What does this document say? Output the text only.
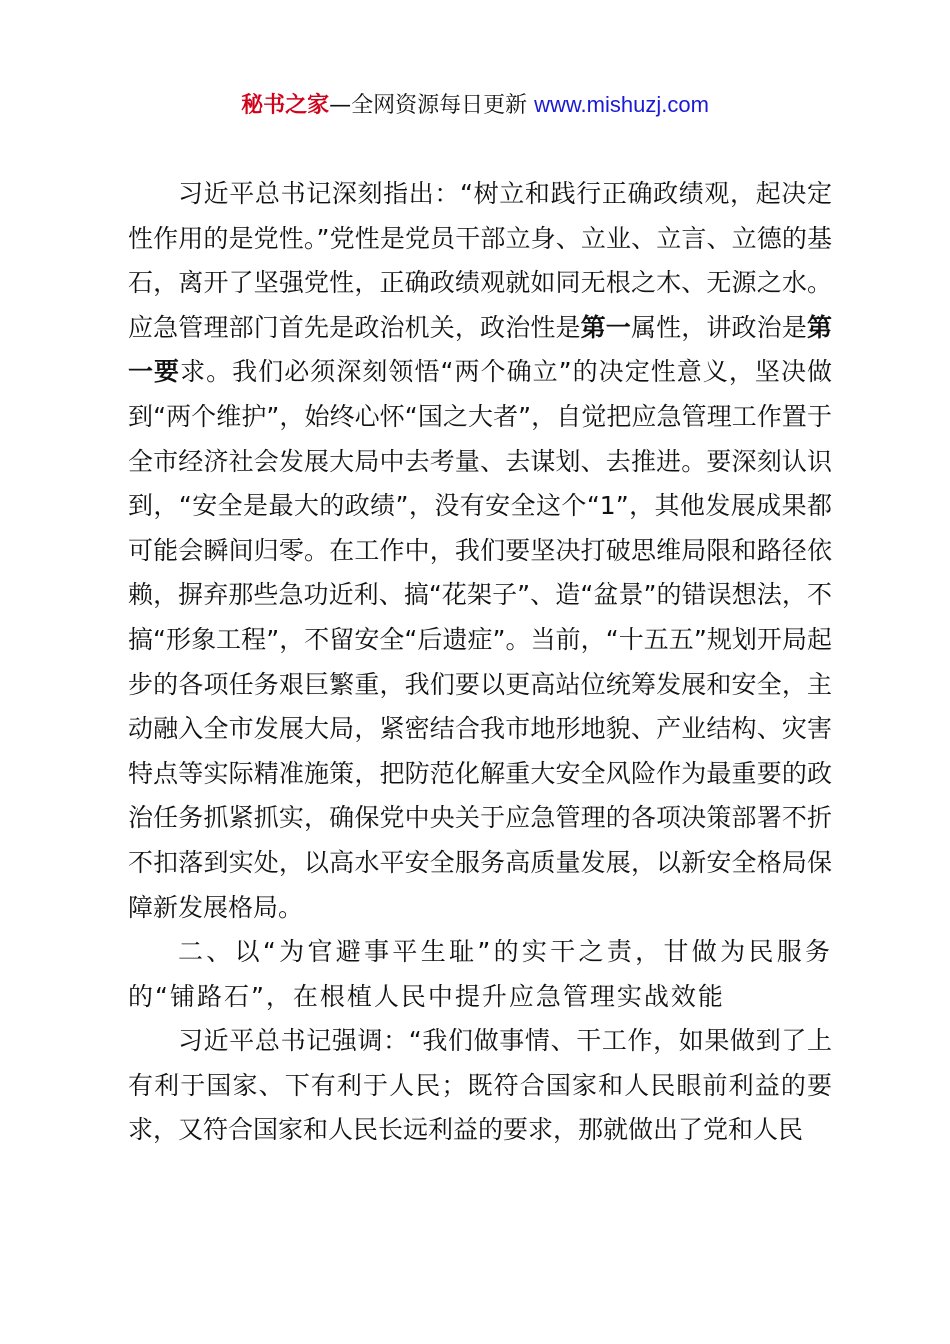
秘书之家—全网资源每日更新 www.mishuzj.com

习近平总书记深刻指出：“树立和践行正确政绩观，起决定性作用的是党性。”党性是党员干部立身、立业、立言、立德的基石，离开了坚强党性，正确政绩观就如同无根之木、无源之水。应急管理部门首先是政治机关，政治性是第一属性，讲政治是第一要求。我们必须深刻领悟“两个确立”的决定性意义，坚决做到“两个维护”，始终心怀“国之大者”，自觉把应急管理工作置于全市经济社会发展大局中去考量、去谋划、去推进。要深刻认识到，“安全是最大的政绩”，没有安全这个“1”，其他发展成果都可能会瞬间归零。在工作中，我们要坚决打破思维局限和路径依赖，摒弃那些急功近利、搞“花架子”、造“盆景”的错误想法，不搞“形象工程”，不留安全“后遗症”。当前，“十五五”规划开局起步的各项任务艰巨繁重，我们要以更高站位统筹发展和安全，主动融入全市发展大局，紧密结合我市地形地貌、产业结构、灾害特点等实际精准施策，把防范化解重大安全风险作为最重要的政治任务抓紧抓实，确保党中央关于应急管理的各项决策部署不折不扣落到实处，以高水平安全服务高质量发展，以新安全格局保障新发展格局。

二、以“为官避事平生耻”的实干之责，甘做为民服务的“铺路石”，在根植人民中提升应急管理实战效能

习近平总书记强调：“我们做事情、干工作，如果做到了上有利于国家、下有利于人民；既符合国家和人民眼前利益的要求，又符合国家和人民长远利益的要求，那就做出了党和人民
